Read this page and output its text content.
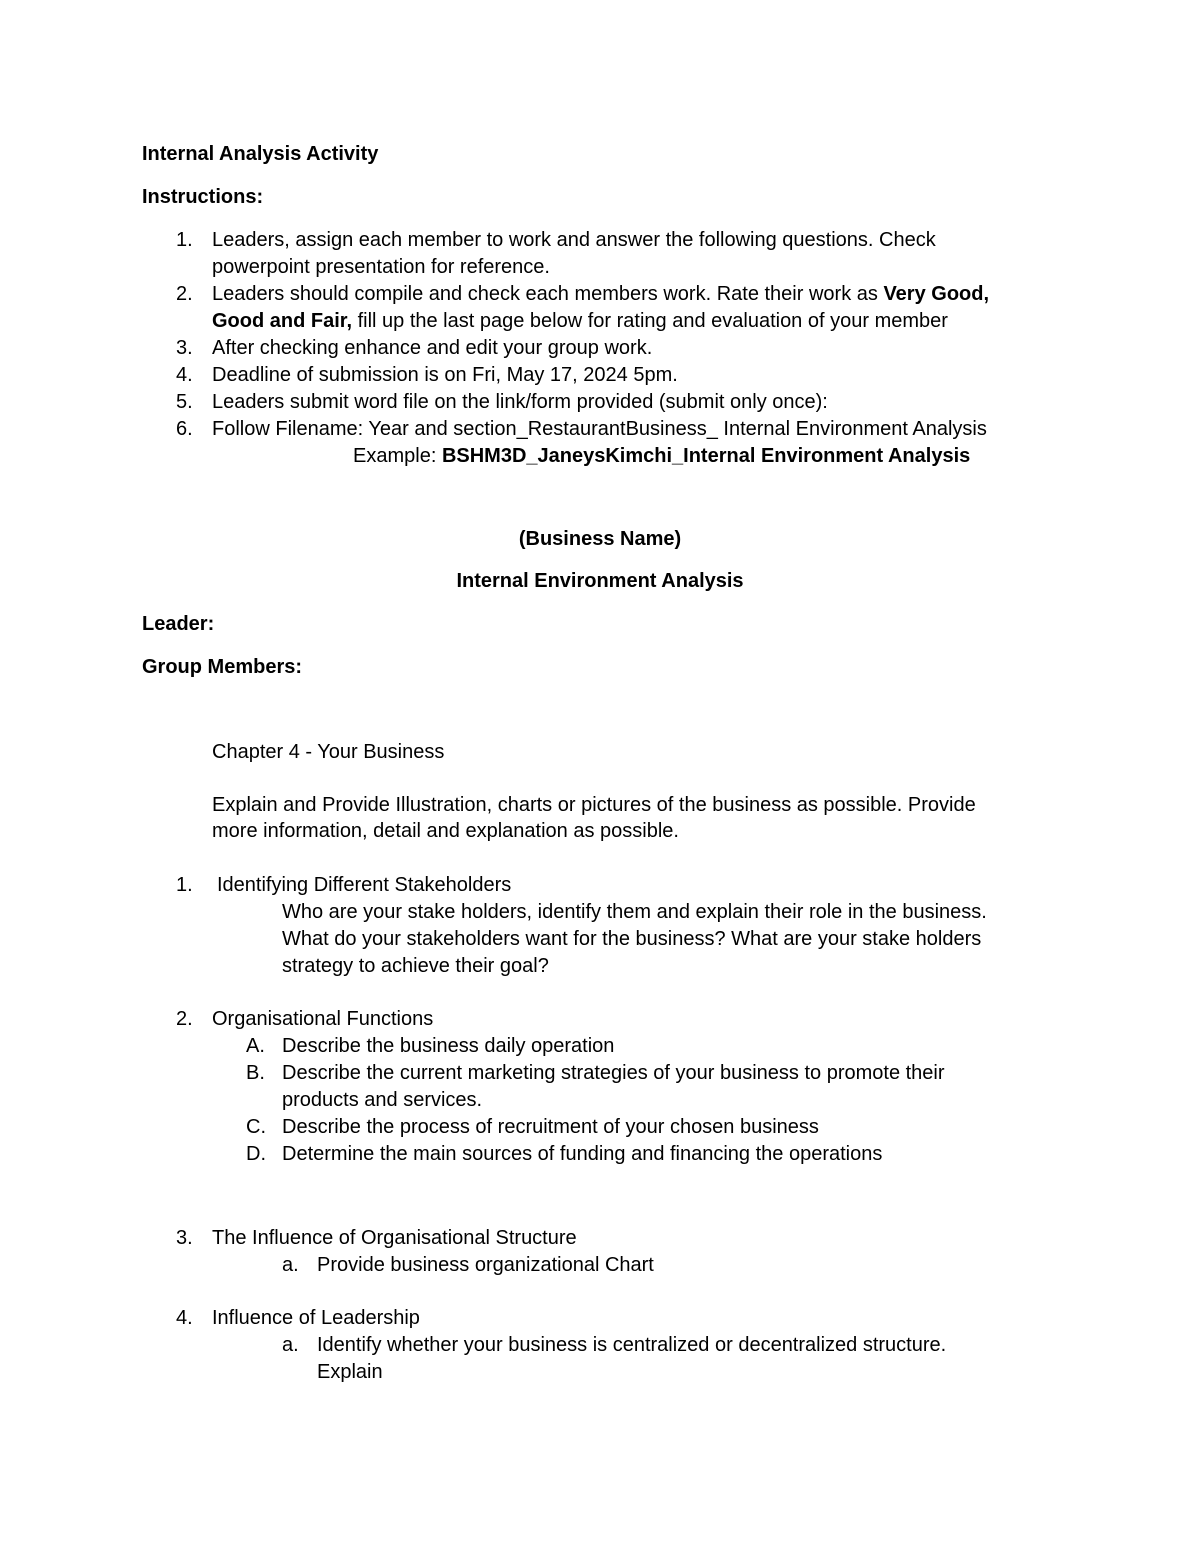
Internal Analysis Activity
Instructions:
1. Leaders, assign each member to work and answer the following questions. Check
powerpoint presentation for reference.
2. Leaders should compile and check each members work. Rate their work as Very Good,
Good and Fair, fill up the last page below for rating and evaluation of your member
3. After checking enhance and edit your group work.
4. Deadline of submission is on Fri, May 17, 2024 5pm.
5. Leaders submit word file on the link/form provided (submit only once):
6. Follow Filename: Year and section_RestaurantBusiness_ Internal Environment Analysis
Example: BSHM3D_JaneysKimchi_Internal Environment Analysis
(Business Name)
Internal Environment Analysis
Leader:
Group Members:
Chapter 4 - Your Business
Explain and Provide Illustration, charts or pictures of the business as possible. Provide
more information, detail and explanation as possible.
1. Identifying Different Stakeholders
Who are your stake holders, identify them and explain their role in the business.
What do your stakeholders want for the business? What are your stake holders
strategy to achieve their goal?
2. Organisational Functions
A. Describe the business daily operation
B. Describe the current marketing strategies of your business to promote their
products and services.
C. Describe the process of recruitment of your chosen business
D. Determine the main sources of funding and financing the operations
3. The Influence of Organisational Structure
a. Provide business organizational Chart
4. Influence of Leadership
a. Identify whether your business is centralized or decentralized structure.
Explain
